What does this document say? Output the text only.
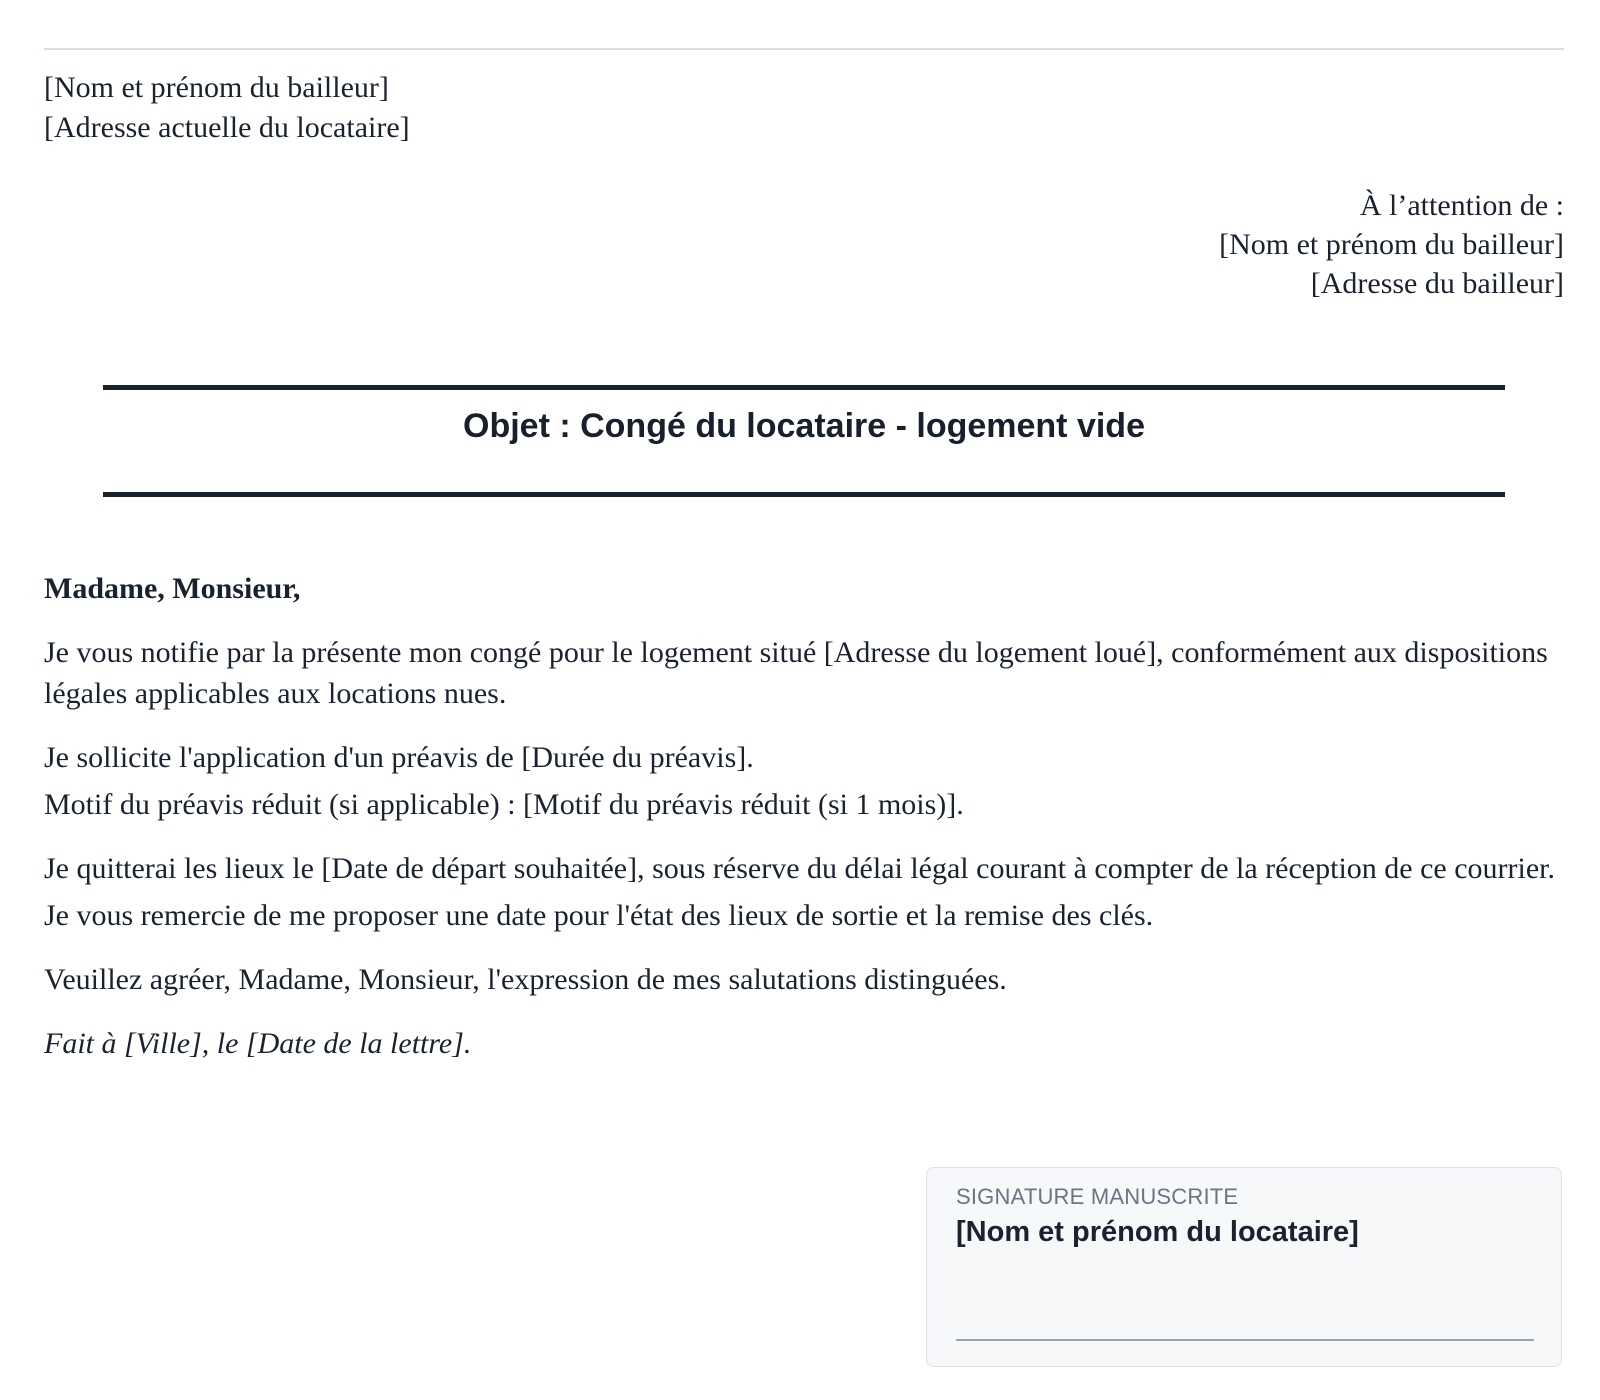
[Nom et prénom du bailleur]
[Adresse actuelle du locataire]
À l’attention de :
[Nom et prénom du bailleur]
[Adresse du bailleur]
Objet : Congé du locataire - logement vide

Madame, Monsieur,

Je vous notifie par la présente mon congé pour le logement situé [Adresse du logement loué], conformément aux dispositions légales applicables aux locations nues.

Je sollicite l'application d'un préavis de [Durée du préavis].
Motif du préavis réduit (si applicable) : [Motif du préavis réduit (si 1 mois)].

Je quitterai les lieux le [Date de départ souhaitée], sous réserve du délai légal courant à compter de la réception de ce courrier.
Je vous remercie de me proposer une date pour l'état des lieux de sortie et la remise des clés.

Veuillez agréer, Madame, Monsieur, l'expression de mes salutations distinguées.

Fait à [Ville], le [Date de la lettre].

SIGNATURE MANUSCRITE
[Nom et prénom du locataire]
